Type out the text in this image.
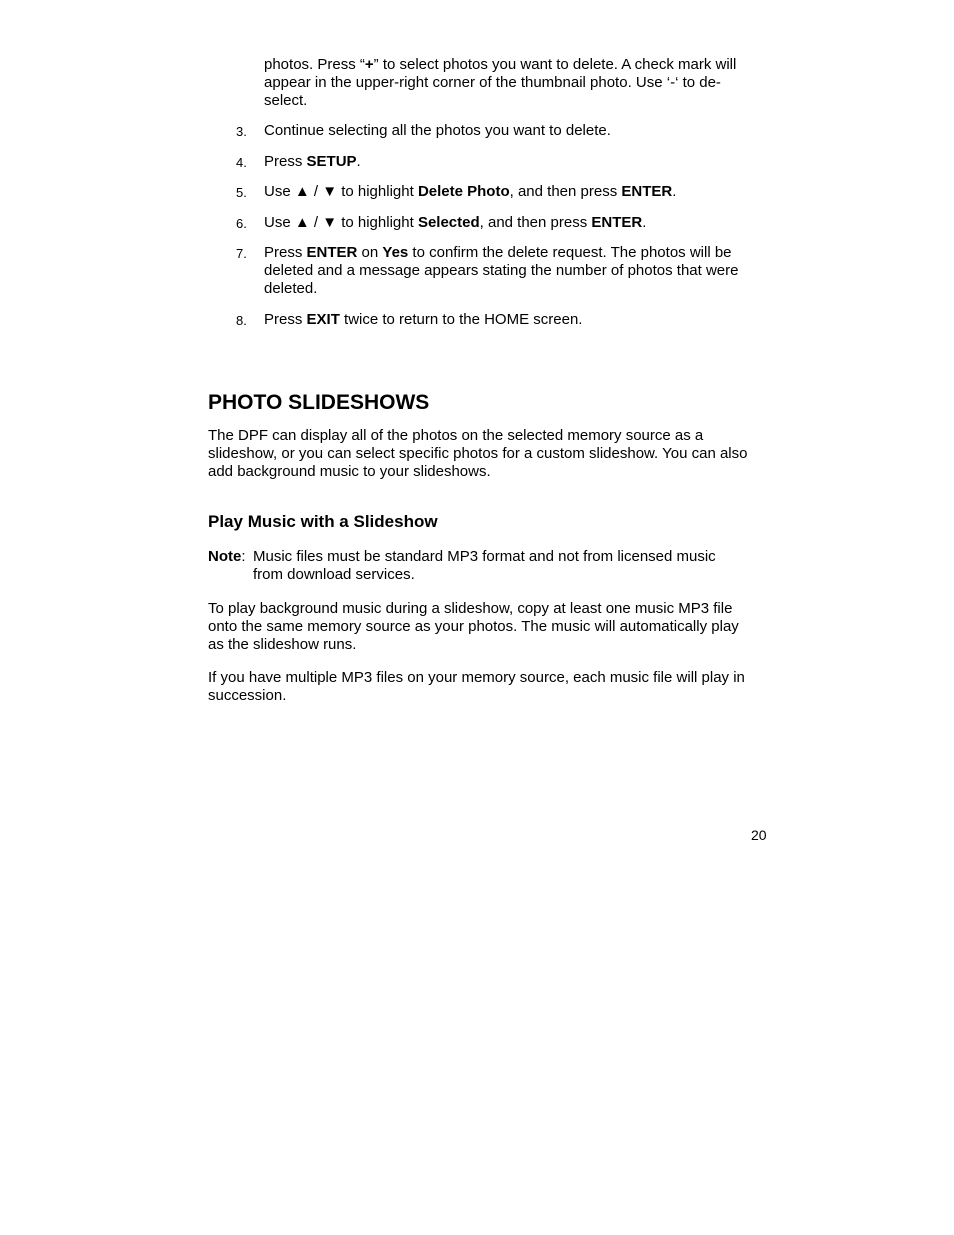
photos. Press “+” to select photos you want to delete. A check mark will appear in the upper-right corner of the thumbnail photo. Use ‘-‘ to de-select.

3.	Continue selecting all the photos you want to delete.
4.	Press SETUP.
5.	Use ▲ / ▼ to highlight Delete Photo, and then press ENTER.
6.	Use ▲ / ▼ to highlight Selected, and then press ENTER.
7.	Press ENTER on Yes to confirm the delete request. The photos will be deleted and a message appears stating the number of photos that were deleted.
8.	Press EXIT twice to return to the HOME screen.
PHOTO SLIDESHOWS

The DPF can display all of the photos on the selected memory source as a slideshow, or you can select specific photos for a custom slideshow. You can also add background music to your slideshows.

Play Music with a Slideshow
Note: Music files must be standard MP3 format and not from licensed music from download services.

To play background music during a slideshow, copy at least one music MP3 file onto the same memory source as your photos. The music will automatically play as the slideshow runs.

If you have multiple MP3 files on your memory source, each music file will play in succession.

20
